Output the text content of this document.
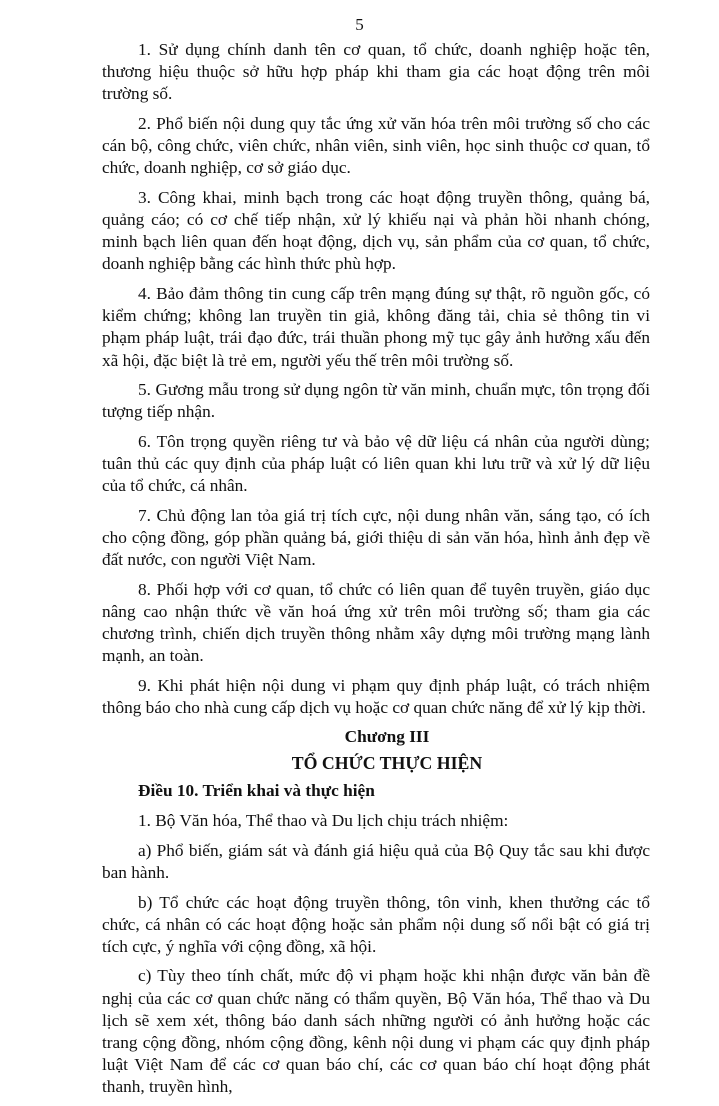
5

1. Sử dụng chính danh tên cơ quan, tổ chức, doanh nghiệp hoặc tên, thương hiệu thuộc sở hữu hợp pháp khi tham gia các hoạt động trên môi trường số.

2. Phổ biến nội dung quy tắc ứng xử văn hóa trên môi trường số cho các cán bộ, công chức, viên chức, nhân viên, sinh viên, học sinh thuộc cơ quan, tổ chức, doanh nghiệp, cơ sở giáo dục.

3. Công khai, minh bạch trong các hoạt động truyền thông, quảng bá, quảng cáo; có cơ chế tiếp nhận, xử lý khiếu nại và phản hồi nhanh chóng, minh bạch liên quan đến hoạt động, dịch vụ, sản phẩm của cơ quan, tổ chức, doanh nghiệp bằng các hình thức phù hợp.

4. Bảo đảm thông tin cung cấp trên mạng đúng sự thật, rõ nguồn gốc, có kiểm chứng; không lan truyền tin giả, không đăng tải, chia sẻ thông tin vi phạm pháp luật, trái đạo đức, trái thuần phong mỹ tục gây ảnh hưởng xấu đến xã hội, đặc biệt là trẻ em, người yếu thế trên môi trường số.

5. Gương mẫu trong sử dụng ngôn từ văn minh, chuẩn mực, tôn trọng đối tượng tiếp nhận.

6. Tôn trọng quyền riêng tư và bảo vệ dữ liệu cá nhân của người dùng; tuân thủ các quy định của pháp luật có liên quan khi lưu trữ và xử lý dữ liệu của tổ chức, cá nhân.

7. Chủ động lan tỏa giá trị tích cực, nội dung nhân văn, sáng tạo, có ích cho cộng đồng, góp phần quảng bá, giới thiệu di sản văn hóa, hình ảnh đẹp về đất nước, con người Việt Nam.

8. Phối hợp với cơ quan, tổ chức có liên quan để tuyên truyền, giáo dục nâng cao nhận thức về văn hoá ứng xử trên môi trường số; tham gia các chương trình, chiến dịch truyền thông nhằm xây dựng môi trường mạng lành mạnh, an toàn.

9. Khi phát hiện nội dung vi phạm quy định pháp luật, có trách nhiệm thông báo cho nhà cung cấp dịch vụ hoặc cơ quan chức năng để xử lý kịp thời.

Chương III

TỔ CHỨC THỰC HIỆN

Điều 10. Triển khai và thực hiện

1. Bộ Văn hóa, Thể thao và Du lịch chịu trách nhiệm:

a) Phổ biến, giám sát và đánh giá hiệu quả của Bộ Quy tắc sau khi được ban hành.

b) Tổ chức các hoạt động truyền thông, tôn vinh, khen thưởng các tổ chức, cá nhân có các hoạt động hoặc sản phẩm nội dung số nổi bật có giá trị tích cực, ý nghĩa với cộng đồng, xã hội.

c) Tùy theo tính chất, mức độ vi phạm hoặc khi nhận được văn bản đề nghị của các cơ quan chức năng có thẩm quyền, Bộ Văn hóa, Thể thao và Du lịch sẽ xem xét, thông báo danh sách những người có ảnh hưởng hoặc các trang cộng đồng, nhóm cộng đồng, kênh nội dung vi phạm các quy định pháp luật Việt Nam để các cơ quan báo chí, các cơ quan báo chí hoạt động phát thanh, truyền hình,
